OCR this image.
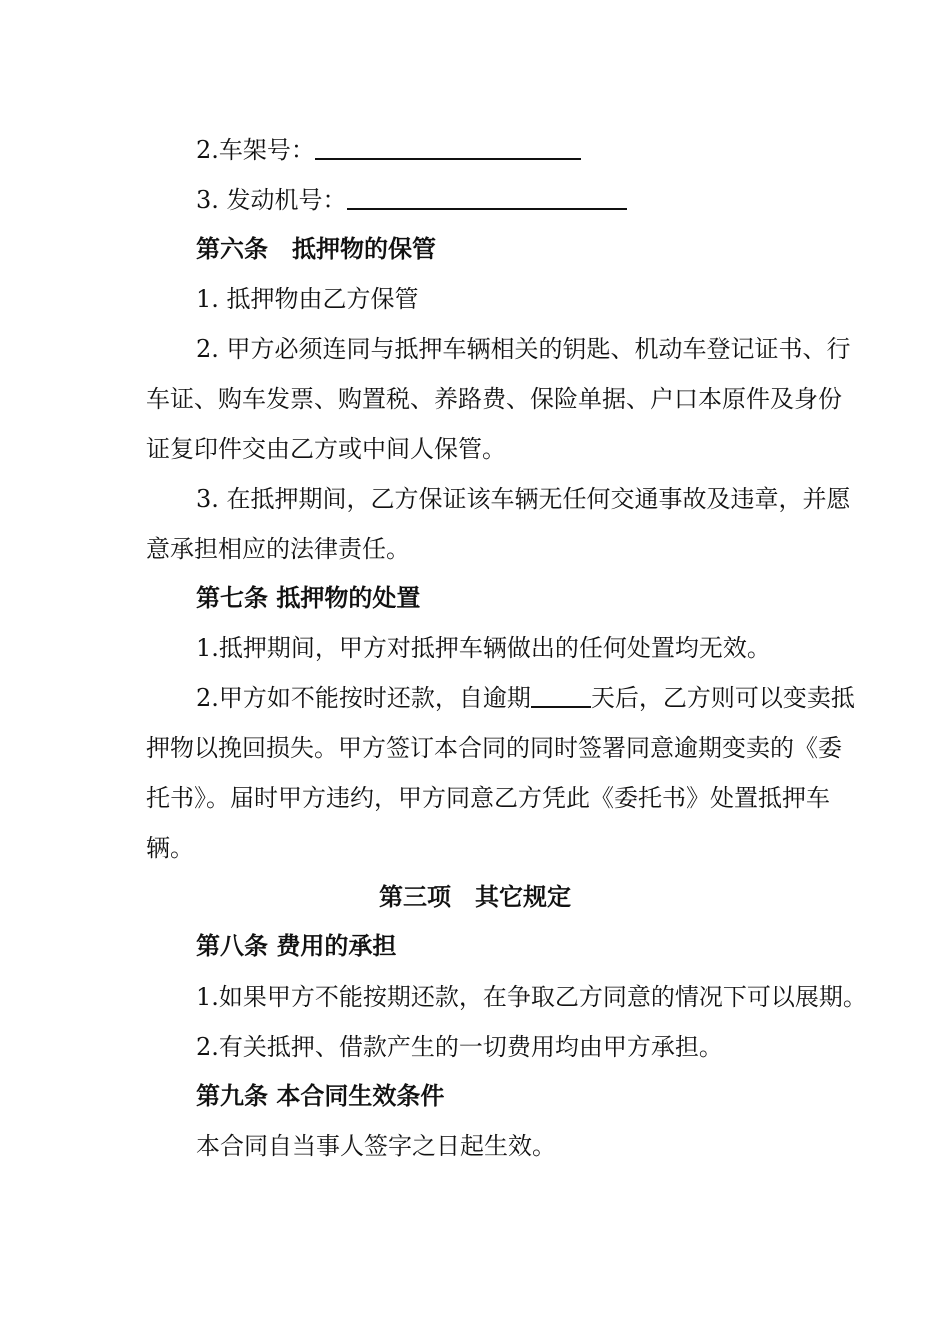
2.车架号：
3. 发动机号：
第六条　抵押物的保管
1. 抵押物由乙方保管
2. 甲方必须连同与抵押车辆相关的钥匙、机动车登记证书、行
车证、购车发票、购置税、养路费、保险单据、户口本原件及身份
证复印件交由乙方或中间人保管。
3. 在抵押期间，乙方保证该车辆无任何交通事故及违章，并愿
意承担相应的法律责任。
第七条 抵押物的处置
1.抵押期间，甲方对抵押车辆做出的任何处置均无效。
2.甲方如不能按时还款，自逾期	天后，乙方则可以变卖抵
押物以挽回损失。甲方签订本合同的同时签署同意逾期变卖的《委
托书》。届时甲方违约，甲方同意乙方凭此《委托书》处置抵押车
辆。
第三项　其它规定
第八条 费用的承担
1.如果甲方不能按期还款，在争取乙方同意的情况下可以展期。
2.有关抵押、借款产生的一切费用均由甲方承担。
第九条 本合同生效条件
本合同自当事人签字之日起生效。
